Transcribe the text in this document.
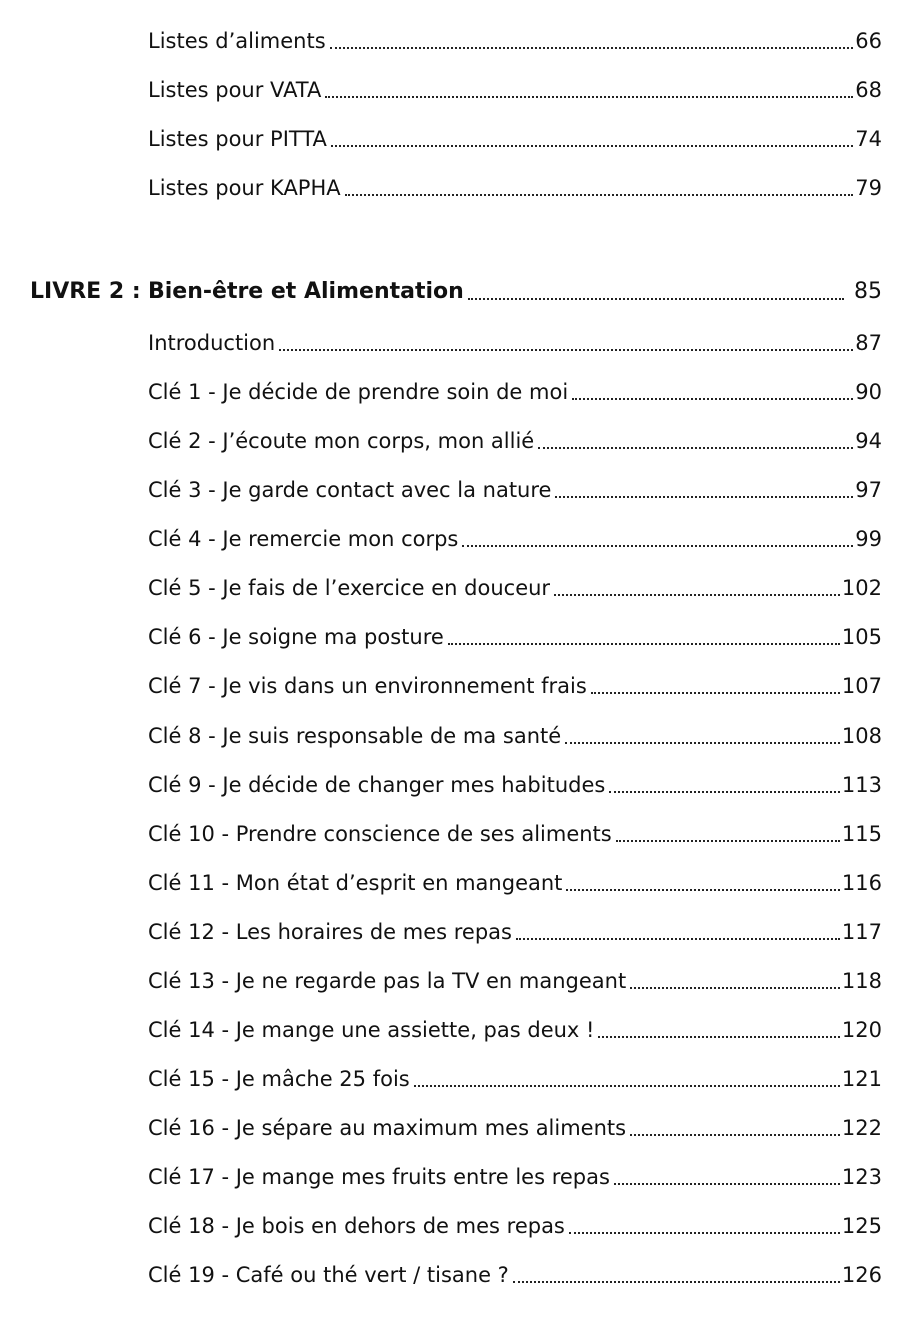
Listes d’aliments	66
Listes pour VATA	68
Listes pour PITTA	74
Listes pour KAPHA	79
LIVRE 2 : Bien-être et Alimentation	85
Introduction	87
Clé 1 - Je décide de prendre soin de moi	90
Clé 2 - J’écoute mon corps, mon allié	94
Clé 3 - Je garde contact avec la nature	97
Clé 4 - Je remercie mon corps	99
Clé 5 - Je fais de l’exercice en douceur	102
Clé 6 - Je soigne ma posture	105
Clé 7 - Je vis dans un environnement frais	107
Clé 8 - Je suis responsable de ma santé	108
Clé 9 - Je décide de changer mes habitudes	113
Clé 10 - Prendre conscience de ses aliments	115
Clé 11 - Mon état d’esprit en mangeant	116
Clé 12 - Les horaires de mes repas	117
Clé 13 - Je ne regarde pas la TV en mangeant	118
Clé 14 - Je mange une assiette, pas deux !	120
Clé 15 - Je mâche 25 fois	121
Clé 16 - Je sépare au maximum mes aliments	122
Clé 17 - Je mange mes fruits entre les repas	123
Clé 18 - Je bois en dehors de mes repas	125
Clé 19 - Café ou thé vert / tisane ?	126
